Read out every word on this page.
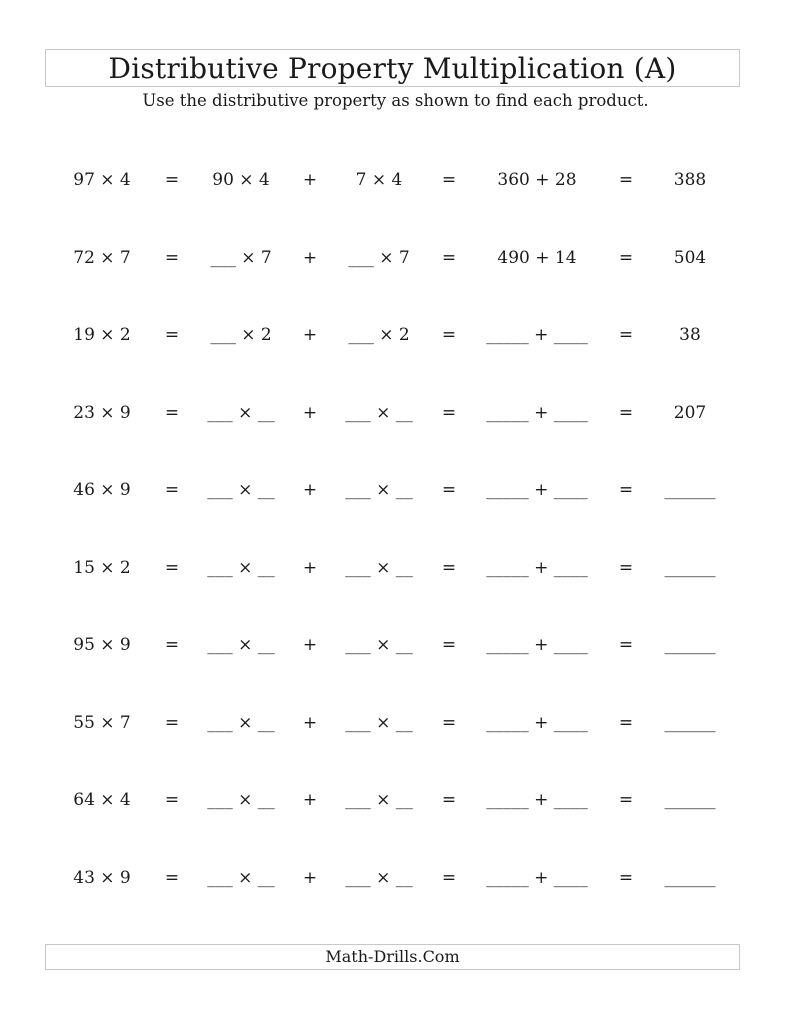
Distributive Property Multiplication (A)
Use the distributive property as shown to find each product.
97 × 4 = 90 × 4 + 7 × 4 = 360 + 28 = 388
72 × 7 = ___ × 7 + ___ × 7 = 490 + 14 = 504
19 × 2 = ___ × 2 + ___ × 2 = _____ + ____ =	38
23 × 9 = ___ × __ + ___ × __ = _____ + ____ = 207
46 × 9 = ___ × __ + ___ × __ = _____ + ____ = ______
15 × 2 = ___ × __ + ___ × __ = _____ + ____ = ______
95 × 9 = ___ × __ + ___ × __ = _____ + ____ = ______
55 × 7 = ___ × __ + ___ × __ = _____ + ____ = ______
64 × 4 = ___ × __ + ___ × __ = _____ + ____ = ______
43 × 9 = ___ × __ + ___ × __ = _____ + ____ = ______
Math-Drills.Com
